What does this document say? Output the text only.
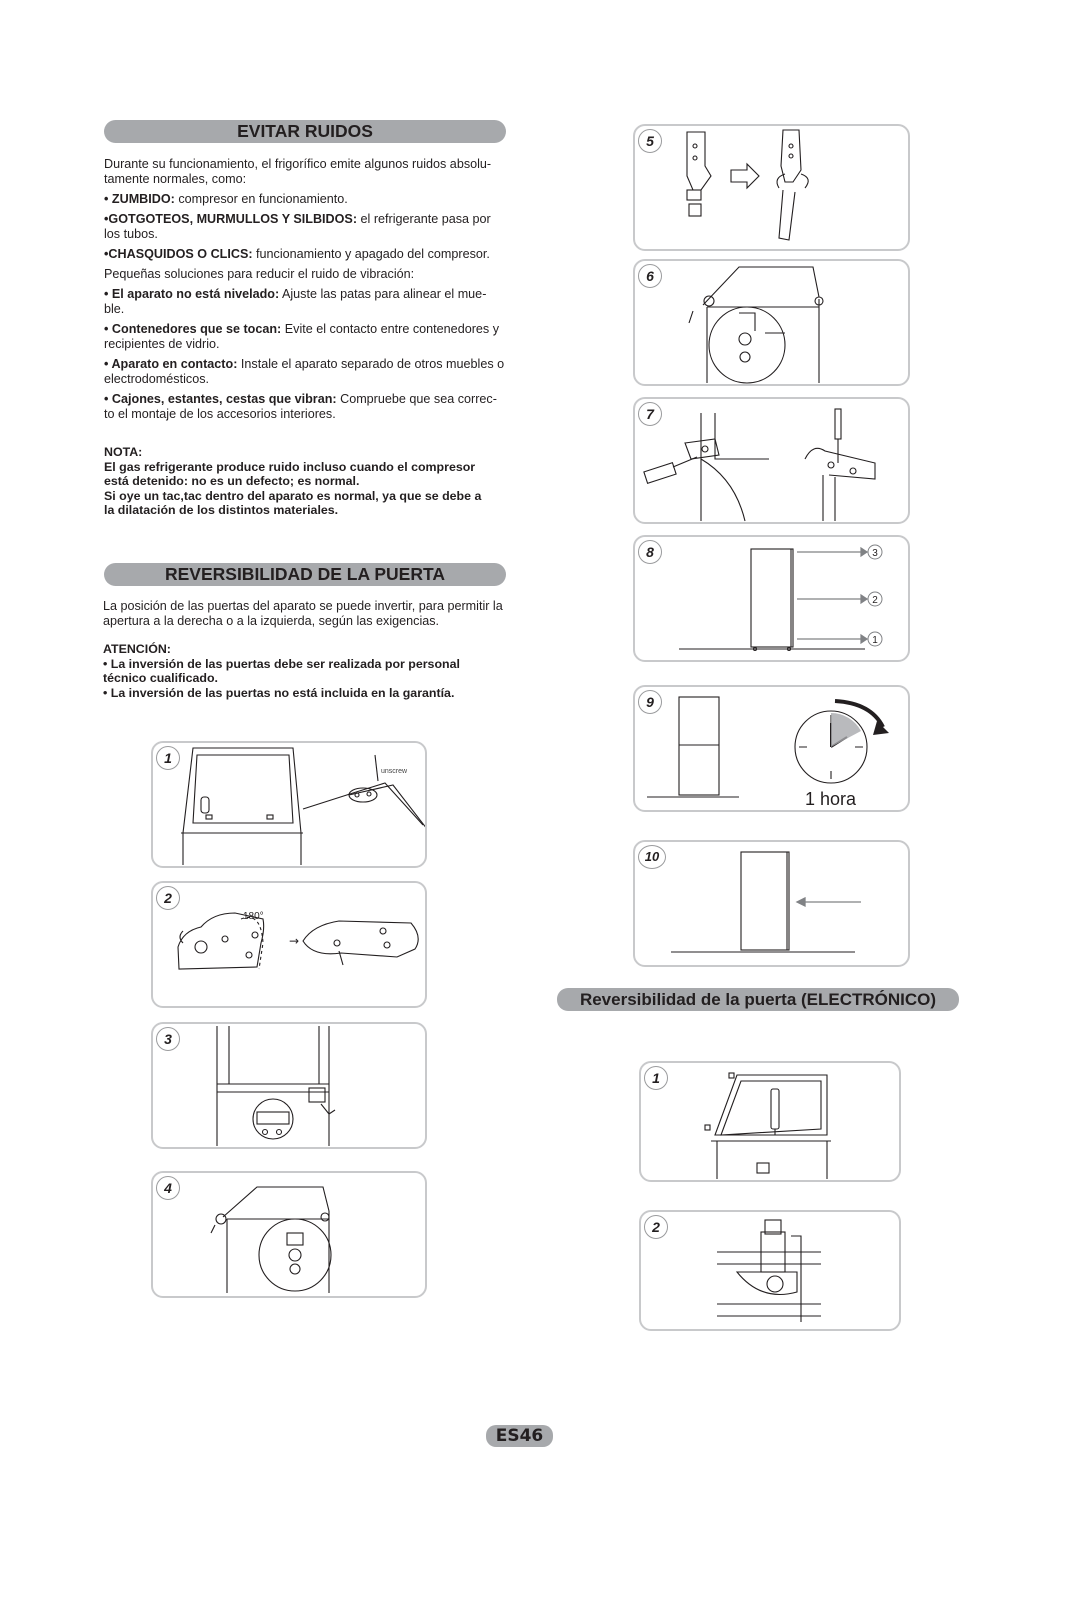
EVITAR RUIDOS
Durante su funcionamiento, el frigorífico emite algunos ruidos absolu-tamente normales, como:
• ZUMBIDO: compresor en funcionamiento.
•GOTGOTEOS, MURMULLOS Y SILBIDOS: el refrigerante pasa por los tubos.
•CHASQUIDOS O CLICS: funcionamiento y apagado del compresor.
Pequeñas soluciones para reducir el ruido de vibración:
• El aparato no está nivelado: Ajuste las patas para alinear el mue-ble.
• Contenedores que se tocan: Evite el contacto entre contenedores y recipientes de vidrio.
• Aparato en contacto: Instale el aparato separado de otros muebles o electrodomésticos.
• Cajones, estantes, cestas que vibran: Compruebe que sea correc-to el montaje de los accesorios interiores.
NOTA:
El gas refrigerante produce ruido incluso cuando el compresor
está detenido: no es un defecto; es normal.
Si oye un tac,tac dentro del aparato es normal, ya que se debe a
la dilatación de los distintos materiales.
REVERSIBILIDAD DE LA PUERTA
La posición de las puertas del aparato se puede invertir, para permitir la apertura a la derecha o a la izquierda, según las exigencias.
ATENCIÓN:
• La inversión de las puertas debe ser realizada por personal
técnico cualificado.
• La inversión de las puertas no está incluida en la garantía.
unscrew
1
→
180°
2
3
4
5
6
7
3
2
1
8
1 hora
9
10
Reversibilidad de la puerta (ELECTRÓNICO)
1
2
ES46
